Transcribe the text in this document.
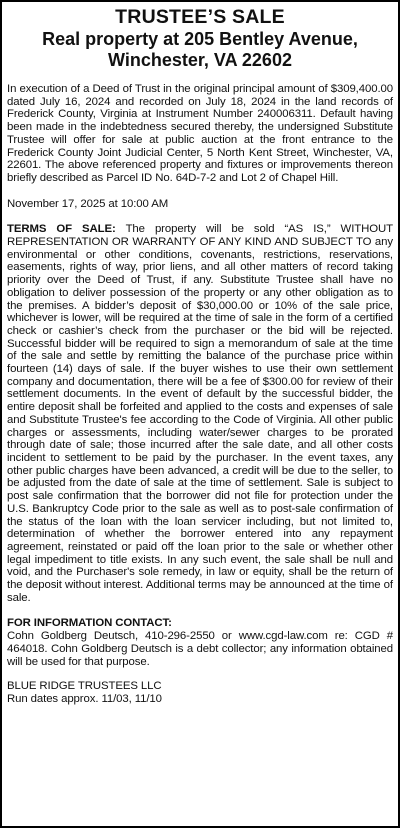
TRUSTEE’S SALE
Real property at 205 Bentley Avenue,
Winchester, VA 22602

In execution of a Deed of Trust in the original principal amount of $309,400.00 dated July 16, 2024 and recorded on July 18, 2024 in the land records of Frederick County, Virginia at Instrument Number 240006311. Default having been made in the indebtedness secured thereby, the undersigned Substitute Trustee will offer for sale at public auction at the front entrance to the Frederick County Joint Judicial Center, 5 North Kent Street, Winchester, VA, 22601. The above referenced property and fixtures or improvements thereon briefly described as Parcel ID No. 64D-7-2 and Lot 2 of Chapel Hill.

November 17, 2025 at 10:00 AM

TERMS OF SALE: The property will be sold “AS IS,” WITHOUT REPRESENTATION OR WARRANTY OF ANY KIND AND SUBJECT TO any environmental or other conditions, covenants, restrictions, reservations, easements, rights of way, prior liens, and all other matters of record taking priority over the Deed of Trust, if any. Substitute Trustee shall have no obligation to deliver possession of the property or any other obligation as to the premises. A bidder’s deposit of $30,000.00 or 10% of the sale price, whichever is lower, will be required at the time of sale in the form of a certified check or cashier’s check from the purchaser or the bid will be rejected. Successful bidder will be required to sign a memorandum of sale at the time of the sale and settle by remitting the balance of the purchase price within fourteen (14) days of sale. If the buyer wishes to use their own settlement company and documentation, there will be a fee of $300.00 for review of their settlement documents. In the event of default by the successful bidder, the entire deposit shall be forfeited and applied to the costs and expenses of sale and Substitute Trustee's fee according to the Code of Virginia. All other public charges or assessments, including water/sewer charges to be prorated through date of sale; those incurred after the sale date, and all other costs incident to settlement to be paid by the purchaser. In the event taxes, any other public charges have been advanced, a credit will be due to the seller, to be adjusted from the date of sale at the time of settlement. Sale is subject to post sale confirmation that the borrower did not file for protection under the U.S. Bankruptcy Code prior to the sale as well as to post-sale confirmation of the status of the loan with the loan servicer including, but not limited to, determination of whether the borrower entered into any repayment agreement, reinstated or paid off the loan prior to the sale or whether other legal impediment to title exists. In any such event, the sale shall be null and void, and the Purchaser's sole remedy, in law or equity, shall be the return of the deposit without interest. Additional terms may be announced at the time of sale.

FOR INFORMATION CONTACT:
Cohn Goldberg Deutsch, 410-296-2550 or www.cgd-law.com re: CGD # 464018. Cohn Goldberg Deutsch is a debt collector; any information obtained will be used for that purpose.
BLUE RIDGE TRUSTEES LLC
Run dates approx. 11/03, 11/10
